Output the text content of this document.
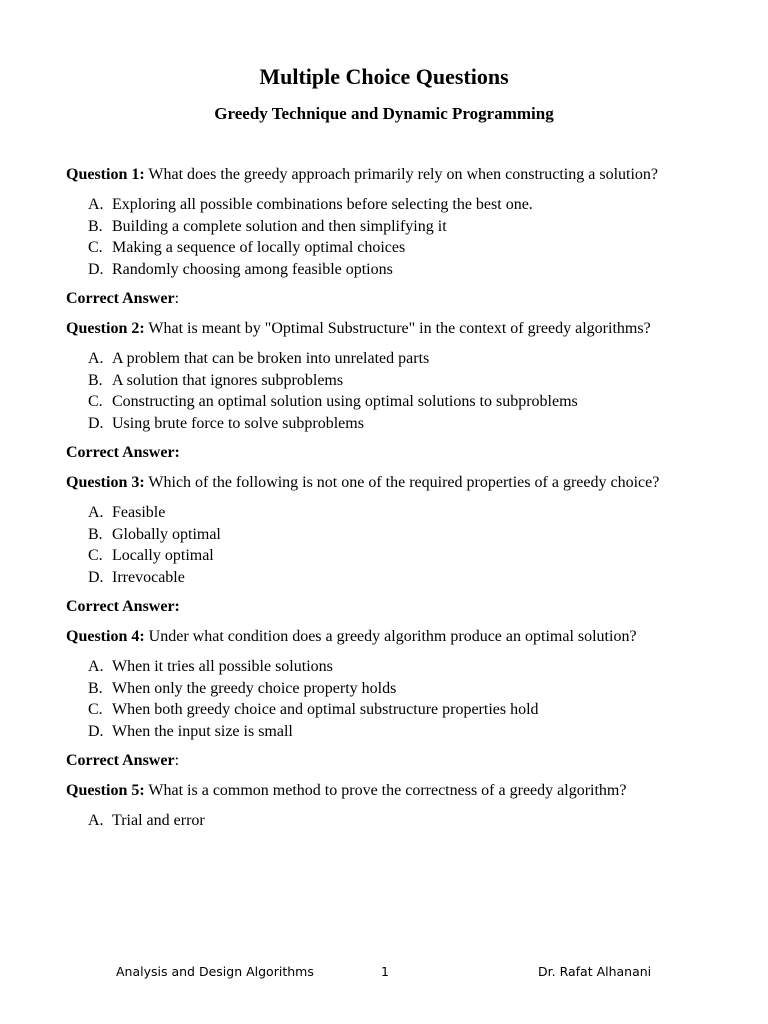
Multiple Choice Questions
Greedy Technique and Dynamic Programming

Question 1: What does the greedy approach primarily rely on when constructing a solution?

A. Exploring all possible combinations before selecting the best one.
B. Building a complete solution and then simplifying it
C. Making a sequence of locally optimal choices
D. Randomly choosing among feasible options

Correct Answer:

Question 2: What is meant by "Optimal Substructure" in the context of greedy algorithms?

A. A problem that can be broken into unrelated parts
B. A solution that ignores subproblems
C. Constructing an optimal solution using optimal solutions to subproblems
D. Using brute force to solve subproblems

Correct Answer:

Question 3: Which of the following is not one of the required properties of a greedy choice?

A. Feasible
B. Globally optimal
C. Locally optimal
D. Irrevocable

Correct Answer:

Question 4: Under what condition does a greedy algorithm produce an optimal solution?

A. When it tries all possible solutions
B. When only the greedy choice property holds
C. When both greedy choice and optimal substructure properties hold
D. When the input size is small

Correct Answer:

Question 5: What is a common method to prove the correctness of a greedy algorithm?

A. Trial and error
Analysis and Design Algorithms	1	Dr. Rafat Alhanani
